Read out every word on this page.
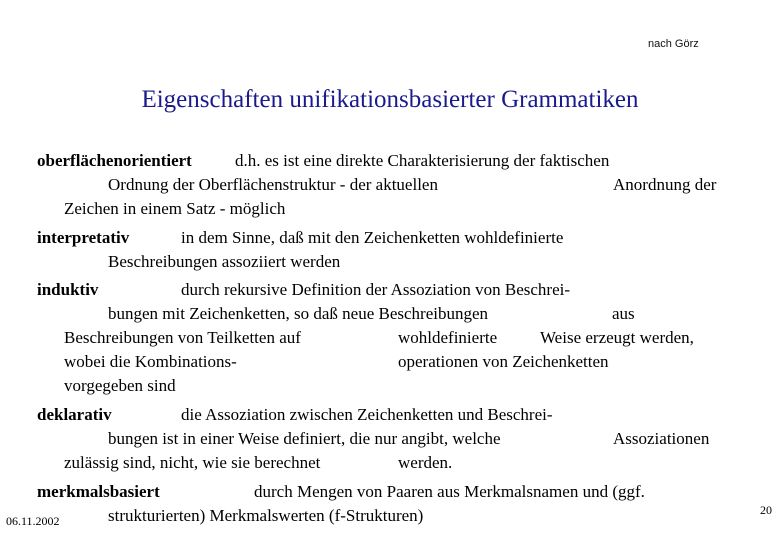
nach Görz
Eigenschaften unifikationsbasierter Grammatiken
oberflächenorientiert	d.h. es ist eine direkte Charakterisierung der faktischen
Ordnung der Oberflächenstruktur - der aktuellen	Anordnung der
Zeichen in einem Satz - möglich
interpretativ	in dem Sinne, daß mit den Zeichenketten wohldefinierte
Beschreibungen assoziiert werden
induktiv	durch rekursive Definition der Assoziation von Beschrei-
bungen mit Zeichenketten, so daß neue Beschreibungen	aus
Beschreibungen von Teilketten auf	wohldefinierte	Weise erzeugt werden,
wobei die Kombinations-	operationen von Zeichenketten
vorgegeben sind
deklarativ	die Assoziation zwischen Zeichenketten und Beschrei-
bungen ist in einer Weise definiert, die nur angibt, welche	Assoziationen
zulässig sind, nicht, wie sie berechnet	werden.
merkmalsbasiert	durch Mengen von Paaren aus Merkmalsnamen und (ggf.
strukturierten) Merkmalswerten (f-Strukturen)
06.11.2002
20
